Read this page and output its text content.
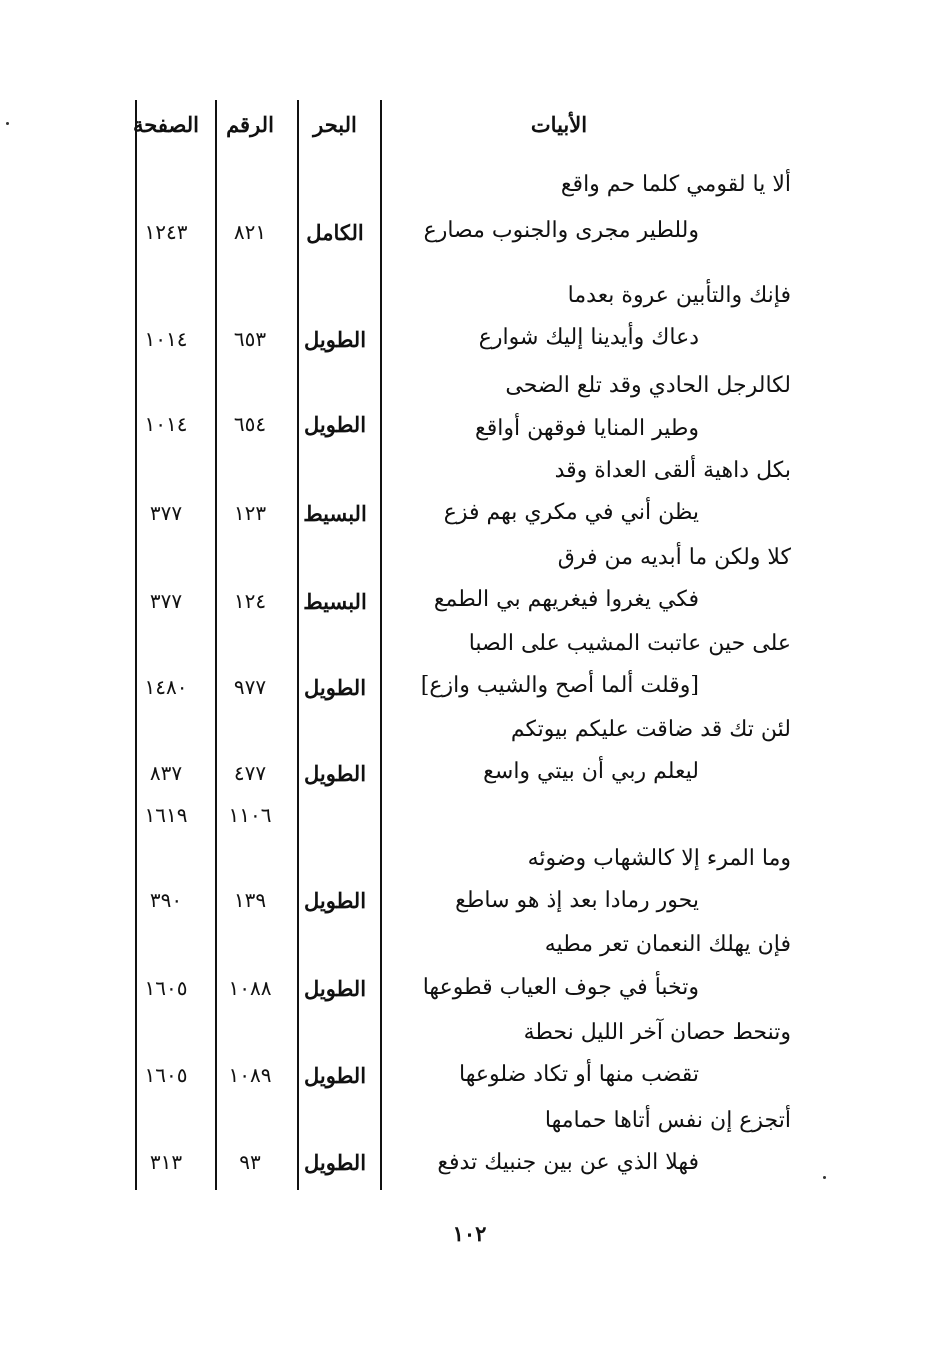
الأبيات
البحر
الرقم
الصفحة
ألا يا لقومي كلما حم واقع
وللطير مجرى والجنوب مصارع
الكامل
٨٢١
١٢٤٣
فإنك والتأبين عروة بعدما
دعاك وأيدينا إليك شوارع
الطويل
٦٥٣
١٠١٤
لكالرجل الحادي وقد تلع الضحى
وطير المنايا فوقهن أواقع
الطويل
٦٥٤
١٠١٤
بكل داهية ألقى العداة وقد
يظن أني في مكري بهم فزع
البسيط
١٢٣
٣٧٧
كلا ولكن ما أبديه من فرق
فكي يغروا فيغريهم بي الطمع
البسيط
١٢٤
٣٧٧
على حين عاتبت المشيب على الصبا
[وقلت ألما أصح والشيب وازع]
الطويل
٩٧٧
١٤٨٠
لئن تك قد ضاقت عليكم بيوتكم
ليعلم ربي أن بيتي واسع
الطويل
٤٧٧
٨٣٧
١١٠٦
١٦١٩
وما المرء إلا كالشهاب وضوئه
يحور رمادا بعد إذ هو ساطع
الطويل
١٣٩
٣٩٠
فإن يهلك النعمان تعر مطيه
وتخبأ في جوف العياب قطوعها
الطويل
١٠٨٨
١٦٠٥
وتنحط حصان آخر الليل نحطة
تقضب منها أو تكاد ضلوعها
الطويل
١٠٨٩
١٦٠٥
أتجزع إن نفس أتاها حمامها
فهلا الذي عن بين جنبيك تدفع
الطويل
٩٣
٣١٣
١٠٢
